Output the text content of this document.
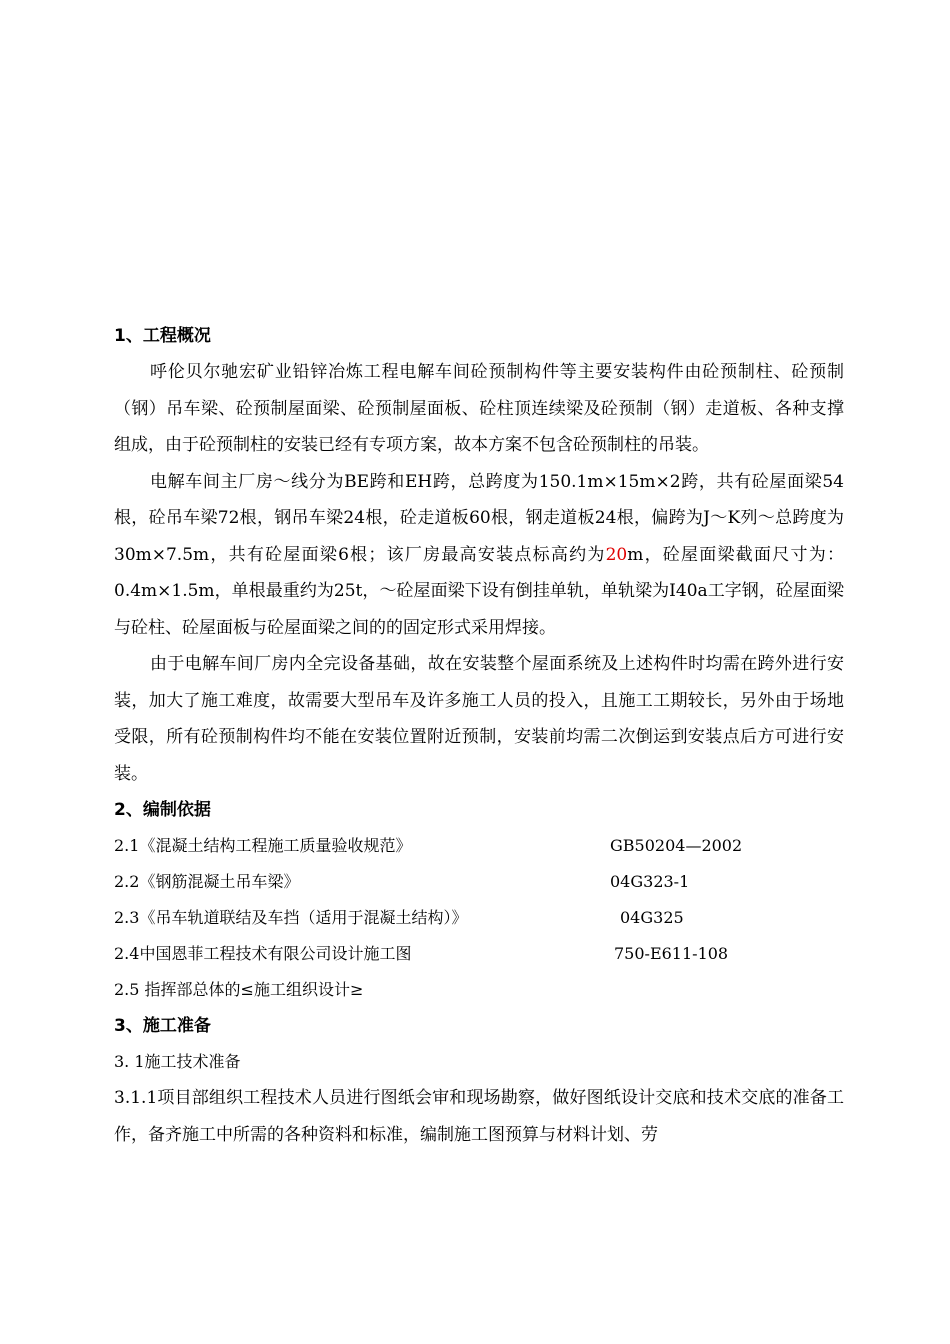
1、工程概况

呼伦贝尔驰宏矿业铅锌冶炼工程电解车间砼预制构件等主要安装构件由砼预制柱、砼预制（钢）吊车梁、砼预制屋面梁、砼预制屋面板、砼柱顶连续梁及砼预制（钢）走道板、各种支撑组成，由于砼预制柱的安装已经有专项方案，故本方案不包含砼预制柱的吊装。

电解车间主厂房～线分为BE跨和EH跨，总跨度为150.1m×15m×2跨，共有砼屋面梁54根，砼吊车梁72根，钢吊车梁24根，砼走道板60根，钢走道板24根，偏跨为J～K列～总跨度为30m×7.5m，共有砼屋面梁6根；该厂房最高安装点标高约为20m，砼屋面梁截面尺寸为：0.4m×1.5m，单根最重约为25t，～砼屋面梁下设有倒挂单轨，单轨梁为I40a工字钢，砼屋面梁与砼柱、砼屋面板与砼屋面梁之间的的固定形式采用焊接。

由于电解车间厂房内全完设备基础，故在安装整个屋面系统及上述构件时均需在跨外进行安装，加大了施工难度，故需要大型吊车及许多施工人员的投入，且施工工期较长，另外由于场地受限，所有砼预制构件均不能在安装位置附近预制，安装前均需二次倒运到安装点后方可进行安装。

2、编制依据
2.1《混凝土结构工程施工质量验收规范》	GB50204—2002
2.2《钢筋混凝土吊车梁》	04G323-1
2.3《吊车轨道联结及车挡（适用于混凝土结构）》	04G325
2.4中国恩菲工程技术有限公司设计施工图	750-E611-108
2.5 指挥部总体的≤施工组织设计≥
3、施工准备
3. 1施工技术准备

3.1.1项目部组织工程技术人员进行图纸会审和现场勘察，做好图纸设计交底和技术交底的准备工作，备齐施工中所需的各种资料和标准，编制施工图预算与材料计划、劳
